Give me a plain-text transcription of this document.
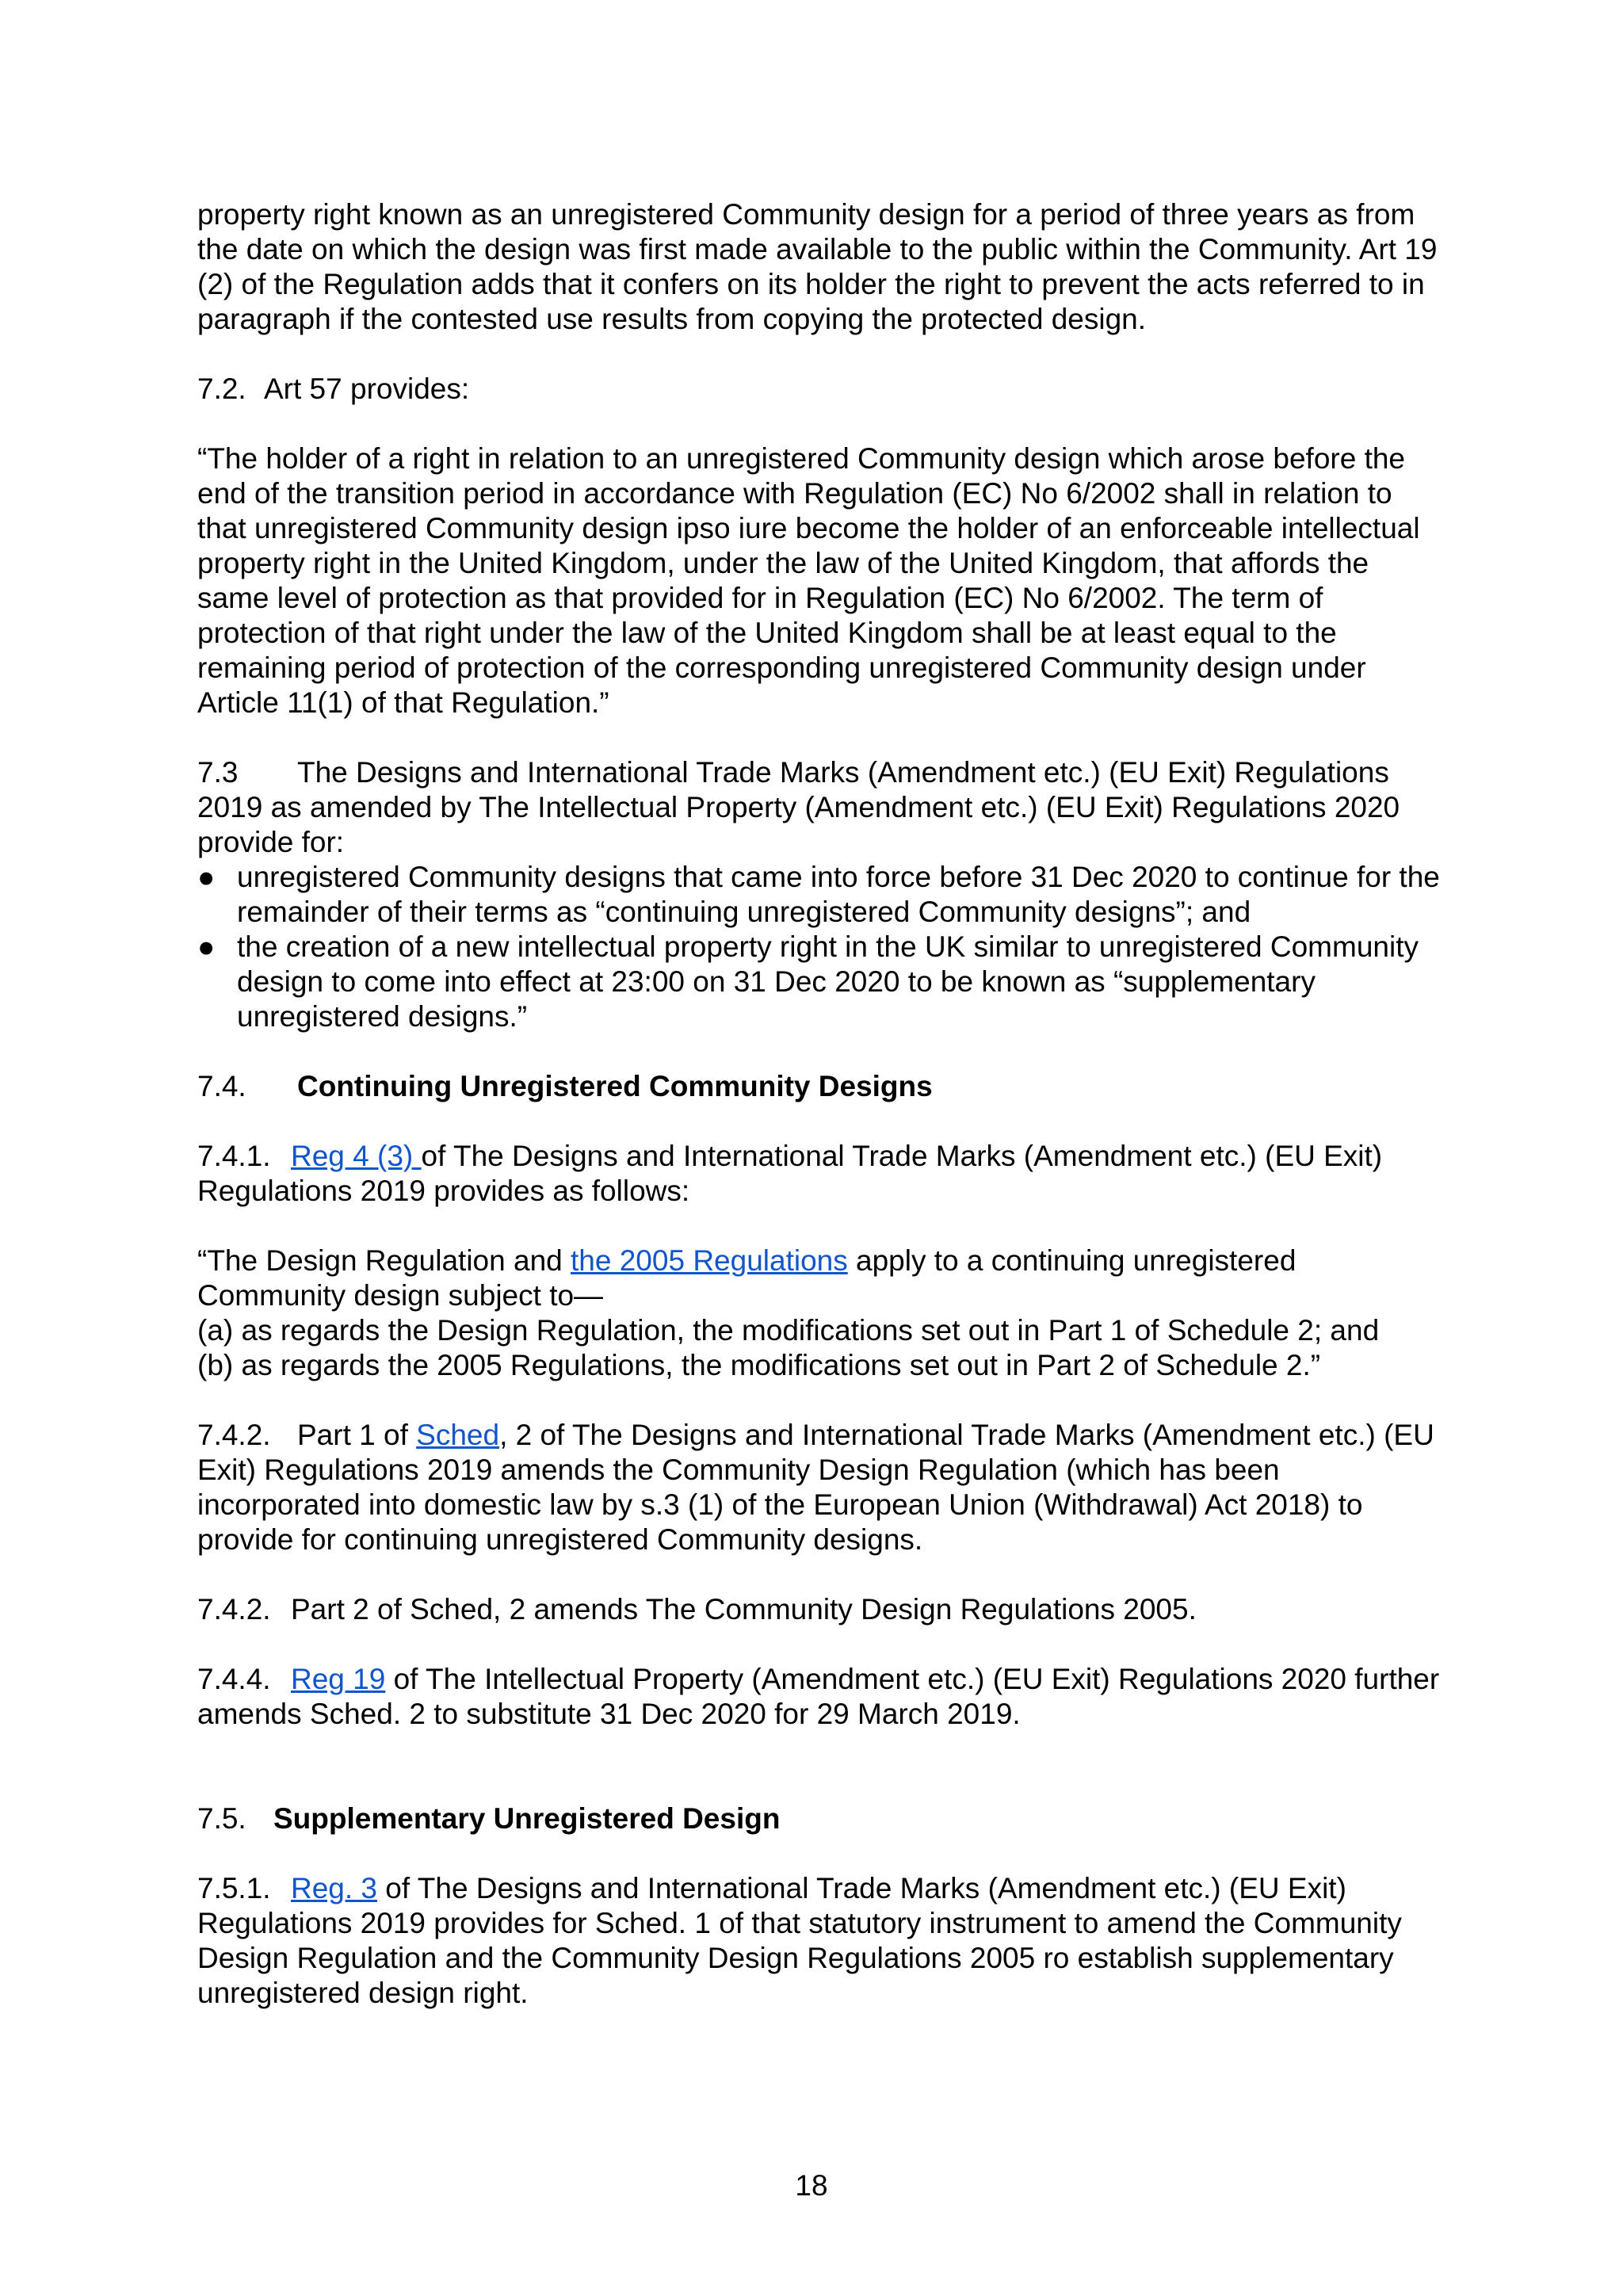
property right known as an unregistered Community design for a period of three years as from the date on which the design was first made available to the public within the Community. Art 19 (2) of the Regulation adds that it confers on its holder the right to prevent the acts referred to in paragraph if the contested use results from copying the protected design.

7.2. Art 57 provides:

“The holder of a right in relation to an unregistered Community design which arose before the end of the transition period in accordance with Regulation (EC) No 6/2002 shall in relation to that unregistered Community design ipso iure become the holder of an enforceable intellectual property right in the United Kingdom, under the law of the United Kingdom, that affords the same level of protection as that provided for in Regulation (EC) No 6/2002. The term of protection of that right under the law of the United Kingdom shall be at least equal to the remaining period of protection of the corresponding unregistered Community design under Article 11(1) of that Regulation.”

7.3 The Designs and International Trade Marks (Amendment etc.) (EU Exit) Regulations 2019 as amended by The Intellectual Property (Amendment etc.) (EU Exit) Regulations 2020 provide for:

● unregistered Community designs that came into force before 31 Dec 2020 to continue for the remainder of their terms as “continuing unregistered Community designs”; and
● the creation of a new intellectual property right in the UK similar to unregistered Community design to come into effect at 23:00 on 31 Dec 2020 to be known as “supplementary unregistered designs.”

7.4. Continuing Unregistered Community Designs

7.4.1. Reg 4 (3) of The Designs and International Trade Marks (Amendment etc.) (EU Exit) Regulations 2019 provides as follows:

“The Design Regulation and the 2005 Regulations apply to a continuing unregistered Community design subject to—

(a) as regards the Design Regulation, the modifications set out in Part 1 of Schedule 2; and

(b) as regards the 2005 Regulations, the modifications set out in Part 2 of Schedule 2.”

7.4.2. Part 1 of Sched, 2 of The Designs and International Trade Marks (Amendment etc.) (EU Exit) Regulations 2019 amends the Community Design Regulation (which has been incorporated into domestic law by s.3 (1) of the European Union (Withdrawal) Act 2018) to provide for continuing unregistered Community designs.

7.4.2. Part 2 of Sched, 2 amends The Community Design Regulations 2005.

7.4.4. Reg 19 of The Intellectual Property (Amendment etc.) (EU Exit) Regulations 2020 further amends Sched. 2 to substitute 31 Dec 2020 for 29 March 2019.

7.5. Supplementary Unregistered Design

7.5.1. Reg. 3 of The Designs and International Trade Marks (Amendment etc.) (EU Exit) Regulations 2019 provides for Sched. 1 of that statutory instrument to amend the Community Design Regulation and the Community Design Regulations 2005 ro establish supplementary unregistered design right.

18
